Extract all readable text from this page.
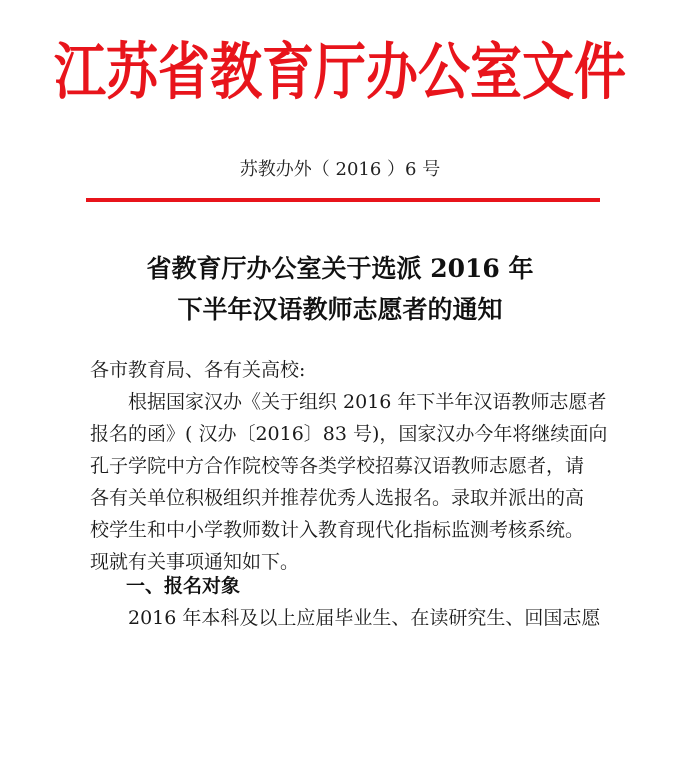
江苏省教育厅办公室文件
苏教办外（ 2016 ）6 号
省教育厅办公室关于选派 2016 年
下半年汉语教师志愿者的通知
各市教育局、各有关高校:
根据国家汉办《关于组织 2016 年下半年汉语教师志愿者
报名的函》( 汉办〔2016〕83 号)，国家汉办今年将继续面向
孔子学院中方合作院校等各类学校招募汉语教师志愿者，请
各有关单位积极组织并推荐优秀人选报名。录取并派出的高
校学生和中小学教师数计入教育现代化指标监测考核系统。
现就有关事项通知如下。
一、报名对象
2016 年本科及以上应届毕业生、在读研究生、回国志愿
